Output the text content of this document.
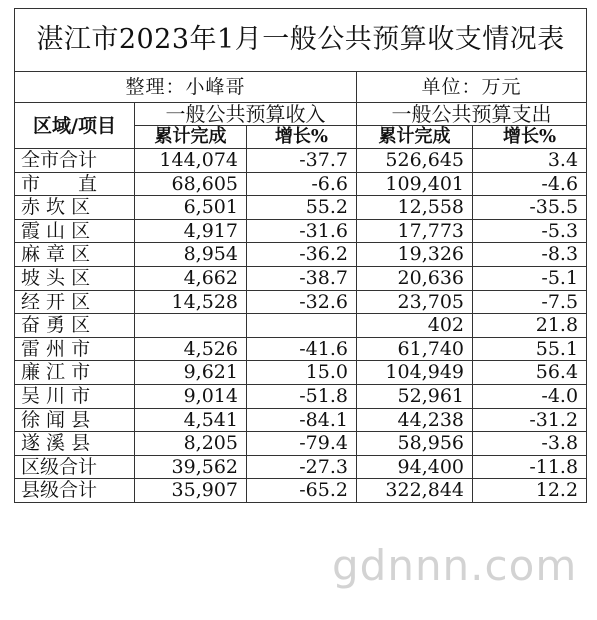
湛江市2023年1月一般公共预算收支情况表				
整理：小峰哥			单位：万元	
区域/项目	一般公共预算收入		一般公共预算支出	
	累计完成	增长%	累计完成	增长%
全市合计	144,074	-37.7	526,645	3.4
市　　直	68,605	-6.6	109,401	-4.6
赤 坎 区	6,501	55.2	12,558	-35.5
霞 山 区	4,917	-31.6	17,773	-5.3
麻 章 区	8,954	-36.2	19,326	-8.3
坡 头 区	4,662	-38.7	20,636	-5.1
经 开 区	14,528	-32.6	23,705	-7.5
奋 勇 区			402	21.8
雷 州 市	4,526	-41.6	61,740	55.1
廉 江 市	9,621	15.0	104,949	56.4
吴 川 市	9,014	-51.8	52,961	-4.0
徐 闻 县	4,541	-84.1	44,238	-31.2
遂 溪 县	8,205	-79.4	58,956	-3.8
区级合计	39,562	-27.3	94,400	-11.8
县级合计	35,907	-65.2	322,844	12.2
gdnnn.com
